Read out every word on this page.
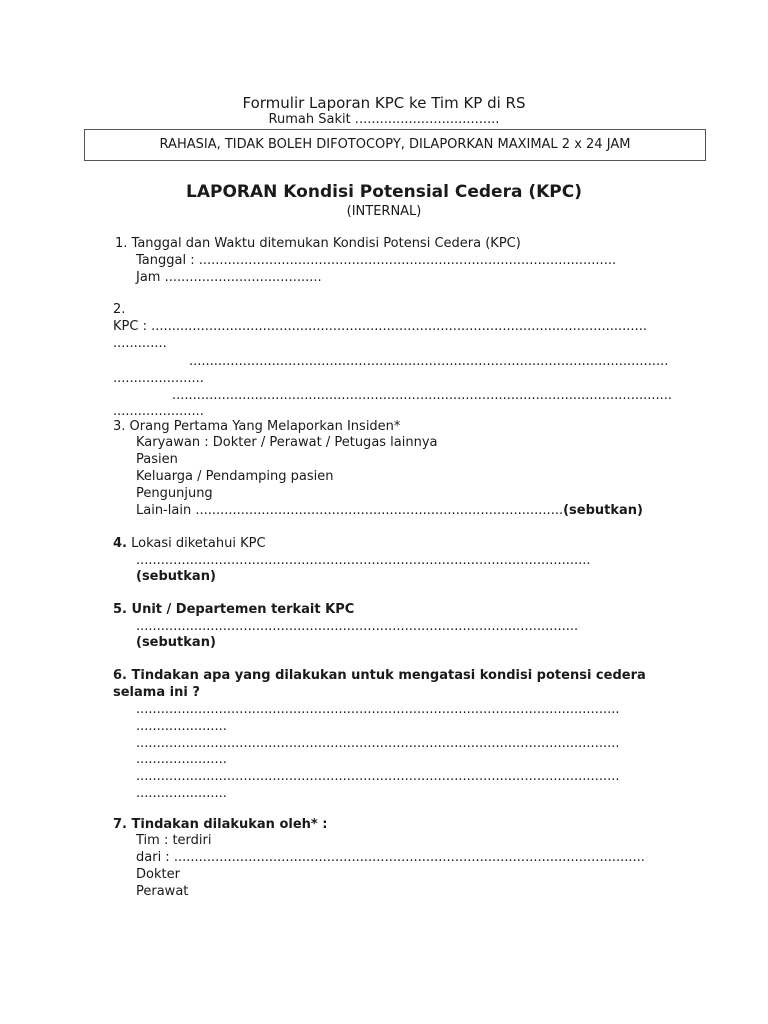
Formulir Laporan KPC ke Tim KP di RS
Rumah Sakit ...................................
RAHASIA, TIDAK BOLEH DIFOTOCOPY, DILAPORKAN MAXIMAL 2 x 24 JAM
LAPORAN Kondisi Potensial Cedera (KPC)
(INTERNAL)
1. Tanggal dan Waktu ditemukan Kondisi Potensi Cedera (KPC)
Tanggal : .....................................................................................................
Jam ......................................
2.
KPC : ........................................................................................................................
.............
....................................................................................................................
......................
.........................................................................................................................
......................
3. Orang Pertama Yang Melaporkan Insiden*
Karyawan : Dokter / Perawat / Petugas lainnya
Pasien
Keluarga / Pendamping pasien
Pengunjung
Lain-lain .........................................................................................(sebutkan)
4. Lokasi diketahui KPC
..............................................................................................................
(sebutkan)
5. Unit / Departemen terkait KPC
...........................................................................................................
(sebutkan)
6. Tindakan apa yang dilakukan untuk mengatasi kondisi potensi cedera
selama ini ?
.....................................................................................................................
......................
.....................................................................................................................
......................
.....................................................................................................................
......................
7. Tindakan dilakukan oleh* :
Tim : terdiri
dari : ..................................................................................................................
Dokter
Perawat
